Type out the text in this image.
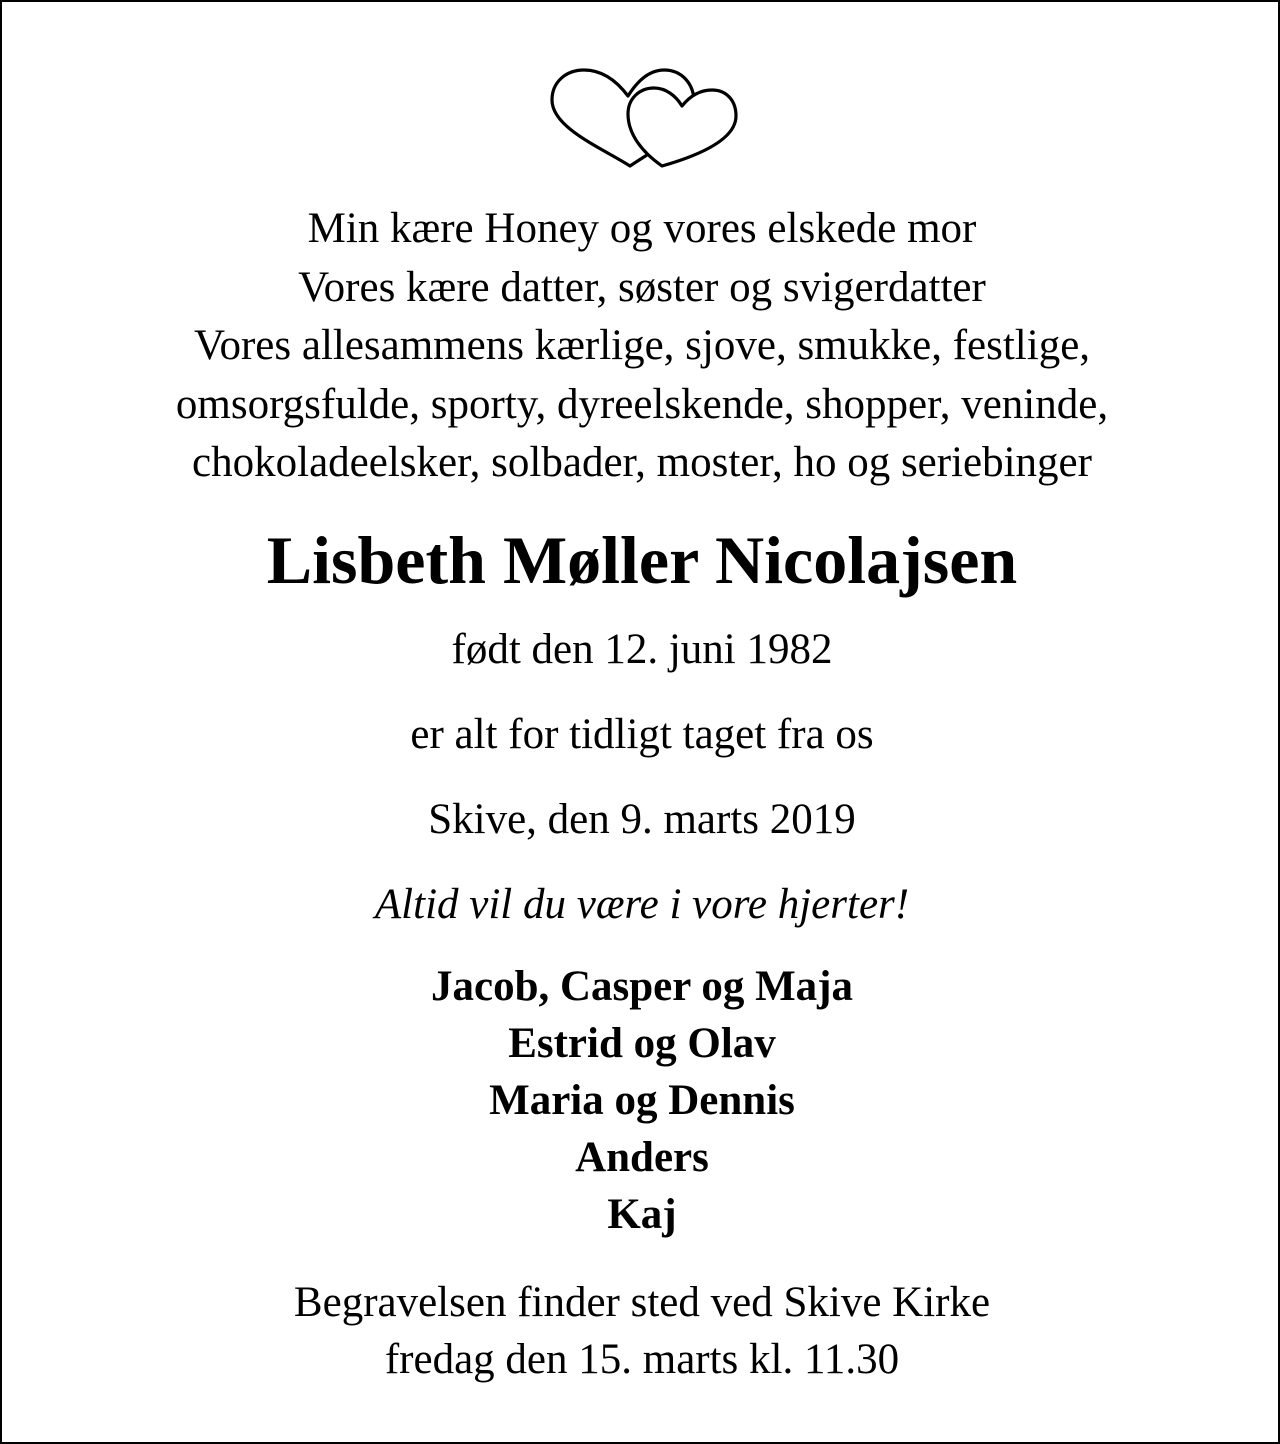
Min kære Honey og vores elskede mor
Vores kære datter, søster og svigerdatter
Vores allesammens kærlige, sjove, smukke, festlige,
omsorgsfulde, sporty, dyreelskende, shopper, veninde,
chokoladeelsker, solbader, moster, ho og seriebinger
Lisbeth Møller Nicolajsen
født den 12. juni 1982
er alt for tidligt taget fra os
Skive, den 9. marts 2019
Altid vil du være i vore hjerter!
Jacob, Casper og Maja
Estrid og Olav
Maria og Dennis
Anders
Kaj
Begravelsen finder sted ved Skive Kirke
fredag den 15. marts kl. 11.30
